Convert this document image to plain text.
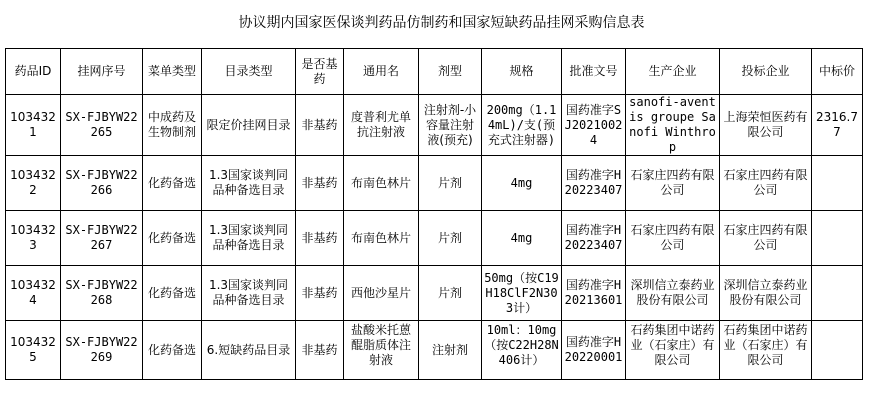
协议期内国家医保谈判药品仿制药和国家短缺药品挂网采购信息表
药品ID	挂网序号	菜单类型	目录类型	是否基药	通用名	剂型	规格	批准文号	生产企业	投标企业	中标价
1034321	SX-FJBYW22265	中成药及生物制剂	限定价挂网目录	非基药	度普利尤单抗注射液	注射剂-小容量注射液(预充)	200mg（1.14mL)/支(预充式注射器)	国药准字SJ20210024	sanofi-aventis groupe Sanofi Winthrop	上海荣恒医药有限公司	2316.77
1034322	SX-FJBYW22266	化药备选	1.3国家谈判同品种备选目录	非基药	布南色林片	片剂	4mg	国药准字H20223407	石家庄四药有限公司	石家庄四药有限公司	
1034323	SX-FJBYW22267	化药备选	1.3国家谈判同品种备选目录	非基药	布南色林片	片剂	4mg	国药准字H20223407	石家庄四药有限公司	石家庄四药有限公司	
1034324	SX-FJBYW22268	化药备选	1.3国家谈判同品种备选目录	非基药	西他沙星片	片剂	50mg（按C19H18ClF2N303计）	国药准字H20213601	深圳信立泰药业股份有限公司	深圳信立泰药业股份有限公司	
1034325	SX-FJBYW22269	化药备选	6.短缺药品目录	非基药	盐酸米托蒽醌脂质体注射液	注射剂	10ml：10mg（按C22H28N406计）	国药准字H20220001	石药集团中诺药业（石家庄）有限公司	石药集团中诺药业（石家庄）有限公司	
